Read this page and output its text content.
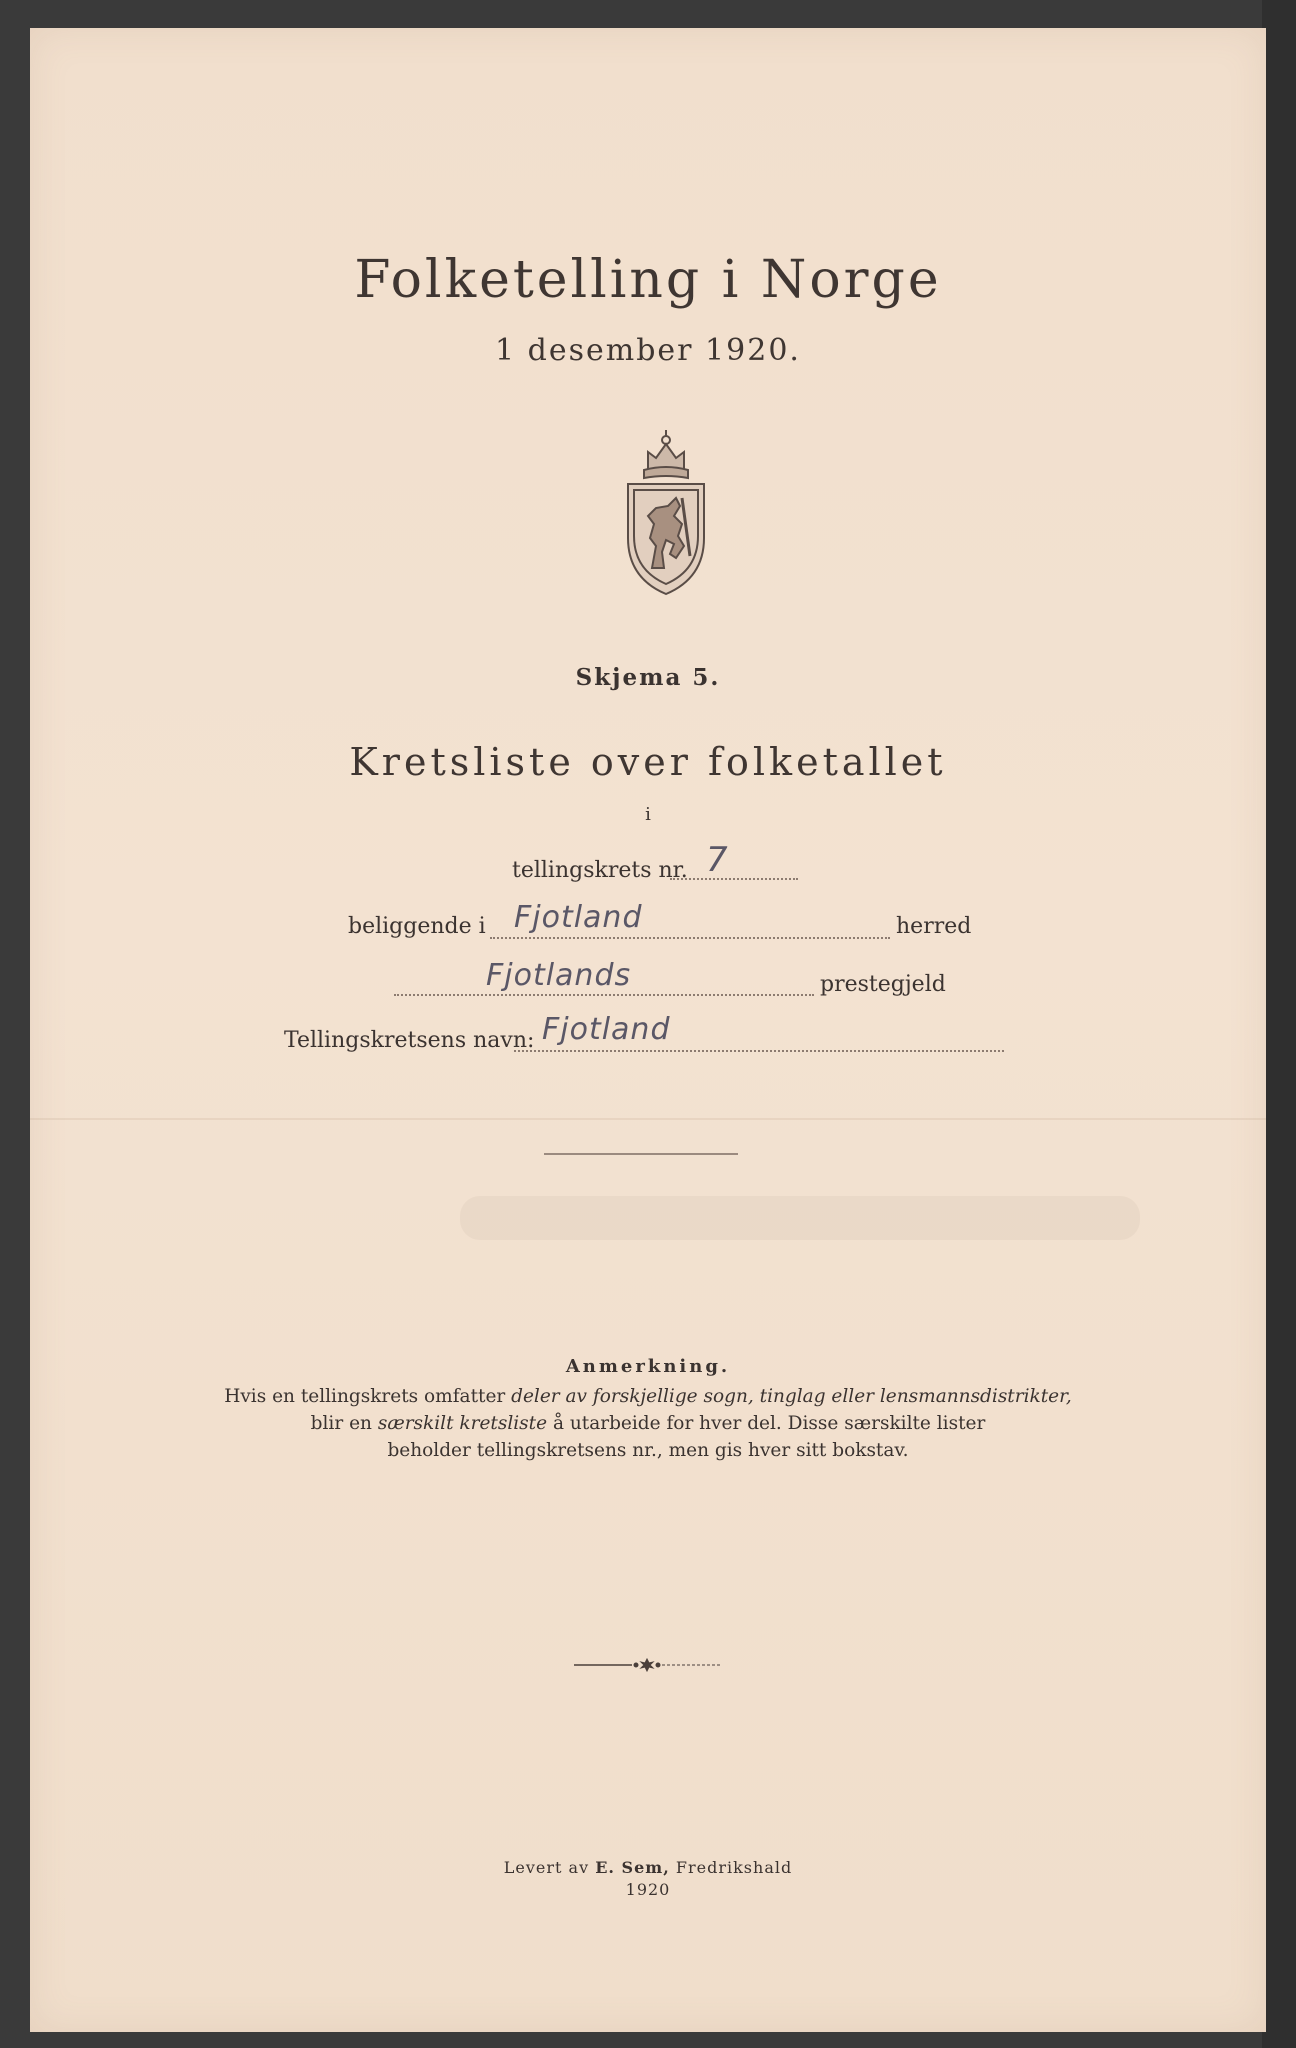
Folketelling i Norge
1 desember 1920.
Skjema 5.
Kretsliste over folketallet
i
tellingskrets nr. 7
beliggende i Fjotland	herred
Fjotlands	prestegjeld
Tellingskretsens navn: Fjotland
Anmerkning.
Hvis en tellingskrets omfatter deler av forskjellige sogn, tinglag eller lensmannsdistrikter,
blir en særskilt kretsliste å utarbeide for hver del. Disse særskilte lister
beholder tellingskretsens nr., men gis hver sitt bokstav.
Levert av E. Sem, Fredrikshald
1920
